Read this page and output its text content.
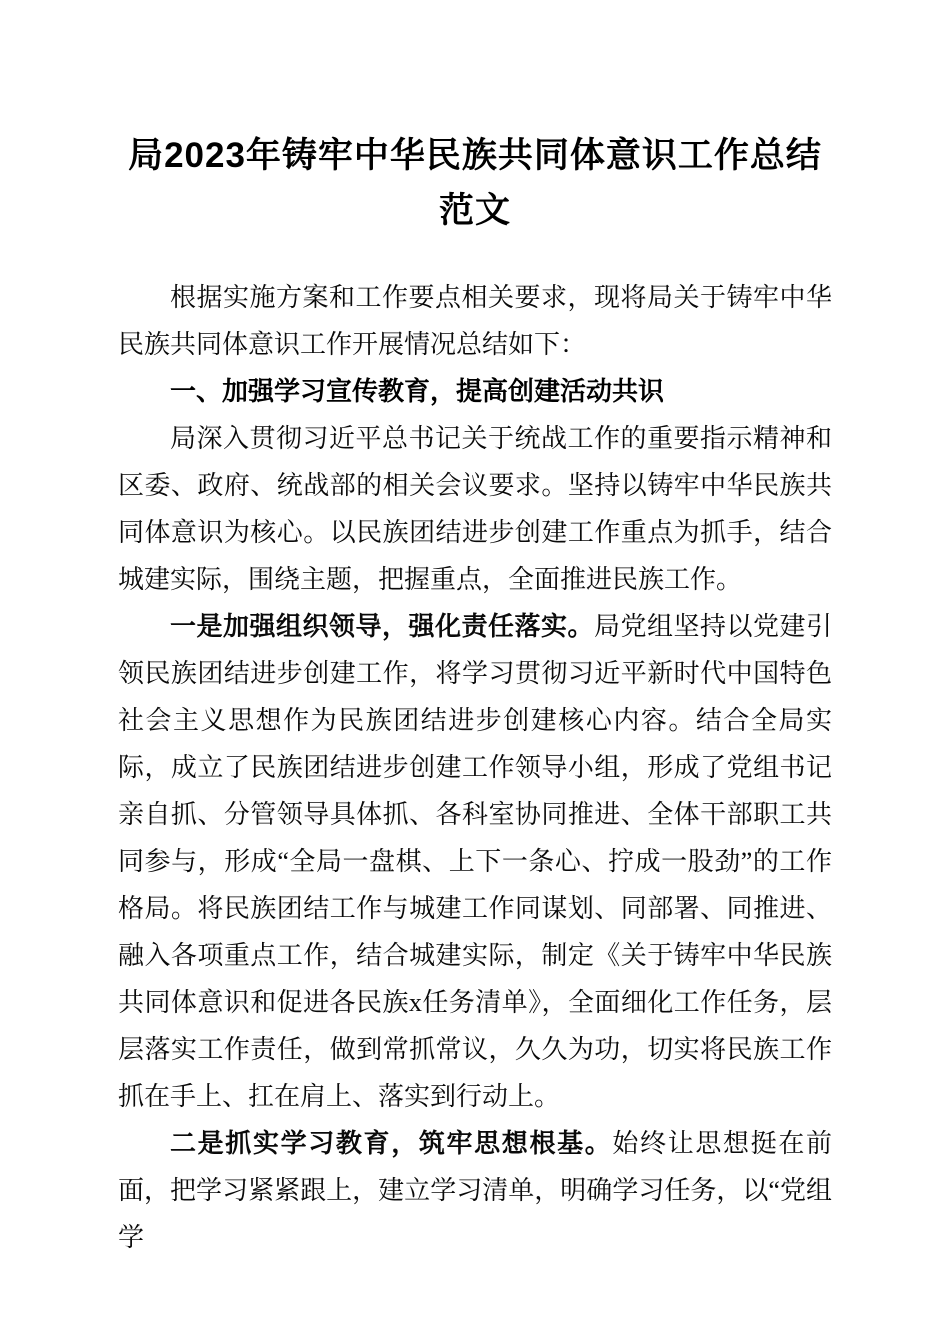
局2023年铸牢中华民族共同体意识工作总结
范文

根据实施方案和工作要点相关要求，现将局关于铸牢中华民族共同体意识工作开展情况总结如下：

一、加强学习宣传教育，提高创建活动共识

局深入贯彻习近平总书记关于统战工作的重要指示精神和区委、政府、统战部的相关会议要求。坚持以铸牢中华民族共同体意识为核心。以民族团结进步创建工作重点为抓手，结合城建实际，围绕主题，把握重点，全面推进民族工作。

一是加强组织领导，强化责任落实。局党组坚持以党建引领民族团结进步创建工作，将学习贯彻习近平新时代中国特色社会主义思想作为民族团结进步创建核心内容。结合全局实际，成立了民族团结进步创建工作领导小组，形成了党组书记亲自抓、分管领导具体抓、各科室协同推进、全体干部职工共同参与，形成“全局一盘棋、上下一条心、拧成一股劲”的工作格局。将民族团结工作与城建工作同谋划、同部署、同推进、融入各项重点工作，结合城建实际，制定《关于铸牢中华民族共同体意识和促进各民族x任务清单》，全面细化工作任务，层层落实工作责任，做到常抓常议，久久为功，切实将民族工作抓在手上、扛在肩上、落实到行动上。

二是抓实学习教育，筑牢思想根基。始终让思想挺在前面，把学习紧紧跟上，建立学习清单，明确学习任务，以“党组学
